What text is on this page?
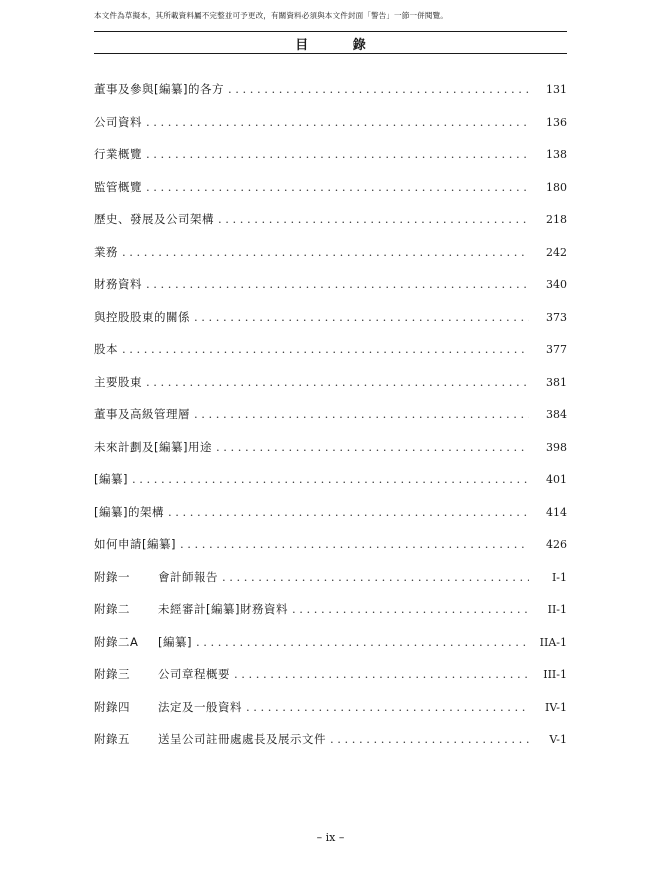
本文件為草擬本，其所載資料屬不完整並可予更改，有關資料必須與本文件封面「警告」一節一併閱覽。
目 錄
董事及參與[編纂]的各方 .....	131
公司資料 .....	136
行業概覽 .....	138
監管概覽 .....	180
歷史、發展及公司架構 .....	218
業務 .....	242
財務資料 .....	340
與控股股東的關係 .....	373
股本 .....	377
主要股東 .....	381
董事及高級管理層 .....	384
未來計劃及[編纂]用途 .....	398
[編纂] .....	401
[編纂]的架構 .....	414
如何申請[編纂] .....	426
附錄一	會計師報告 .....	I-1
附錄二	未經審計[編纂]財務資料 .....	II-1
附錄二A	[編纂] .....	IIA-1
附錄三	公司章程概要 .....	III-1
附錄四	法定及一般資料 .....	IV-1
附錄五	送呈公司註冊處處長及展示文件 .....	V-1
– ix –
